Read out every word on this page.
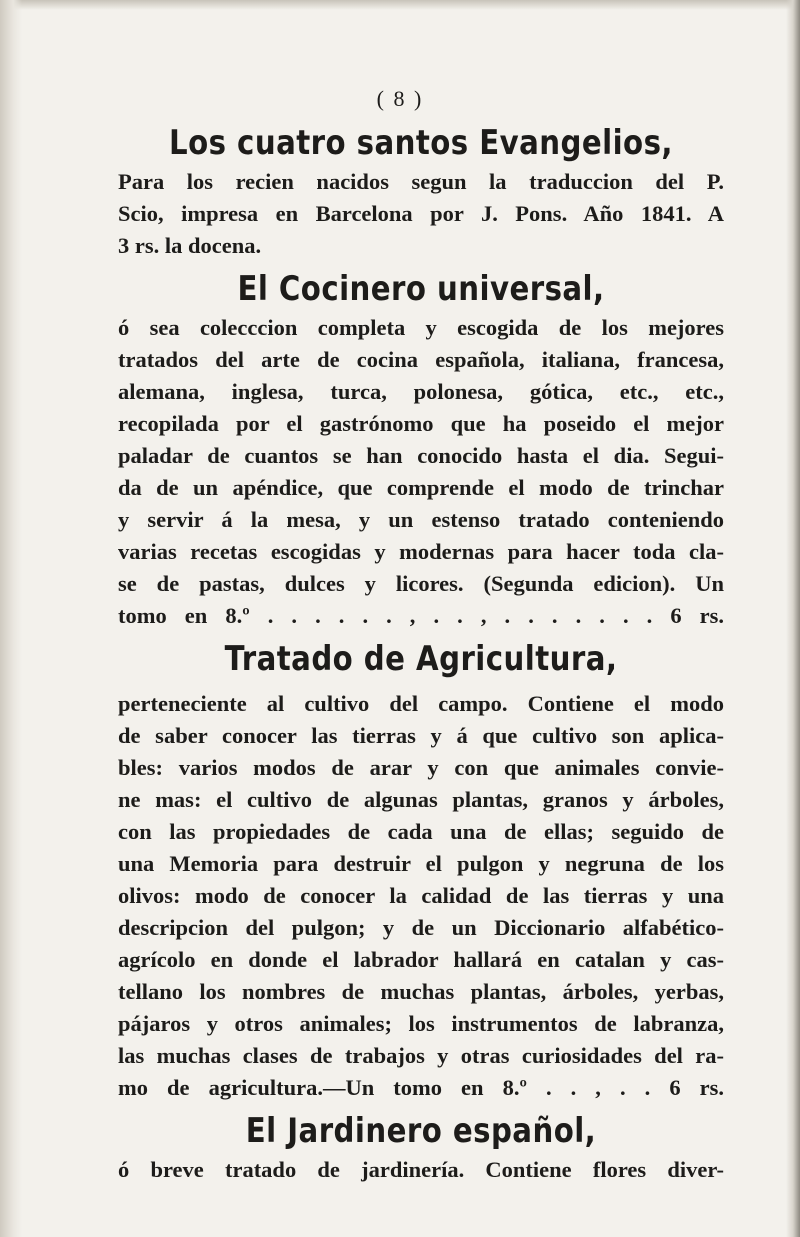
( 8 )
Los cuatro santos Evangelios,
Para los recien nacidos segun la traduccion del P.
Scio, impresa en Barcelona por J. Pons. Año 1841. A
3 rs. la docena.
El Cocinero universal,
ó sea colecccion completa y escogida de los mejores
tratados del arte de cocina española, italiana, francesa,
alemana, inglesa, turca, polonesa, gótica, etc., etc.,
recopilada por el gastrónomo que ha poseido el mejor
paladar de cuantos se han conocido hasta el dia. Segui-
da de un apéndice, que comprende el modo de trinchar
y servir á la mesa, y un estenso tratado conteniendo
varias recetas escogidas y modernas para hacer toda cla-
se de pastas, dulces y licores. (Segunda edicion). Un
tomo en 8.º . . . . . . , . . , . . . . . . . 6 rs.
Tratado de Agricultura,
perteneciente al cultivo del campo. Contiene el modo
de saber conocer las tierras y á que cultivo son aplica-
bles: varios modos de arar y con que animales convie-
ne mas: el cultivo de algunas plantas, granos y árboles,
con las propiedades de cada una de ellas; seguido de
una Memoria para destruir el pulgon y negruna de los
olivos: modo de conocer la calidad de las tierras y una
descripcion del pulgon; y de un Diccionario alfabético-
agrícolo en donde el labrador hallará en catalan y cas-
tellano los nombres de muchas plantas, árboles, yerbas,
pájaros y otros animales; los instrumentos de labranza,
las muchas clases de trabajos y otras curiosidades del ra-
mo de agricultura.—Un tomo en 8.º . . , . . 6 rs.
El Jardinero español,
ó breve tratado de jardinería. Contiene flores diver-
